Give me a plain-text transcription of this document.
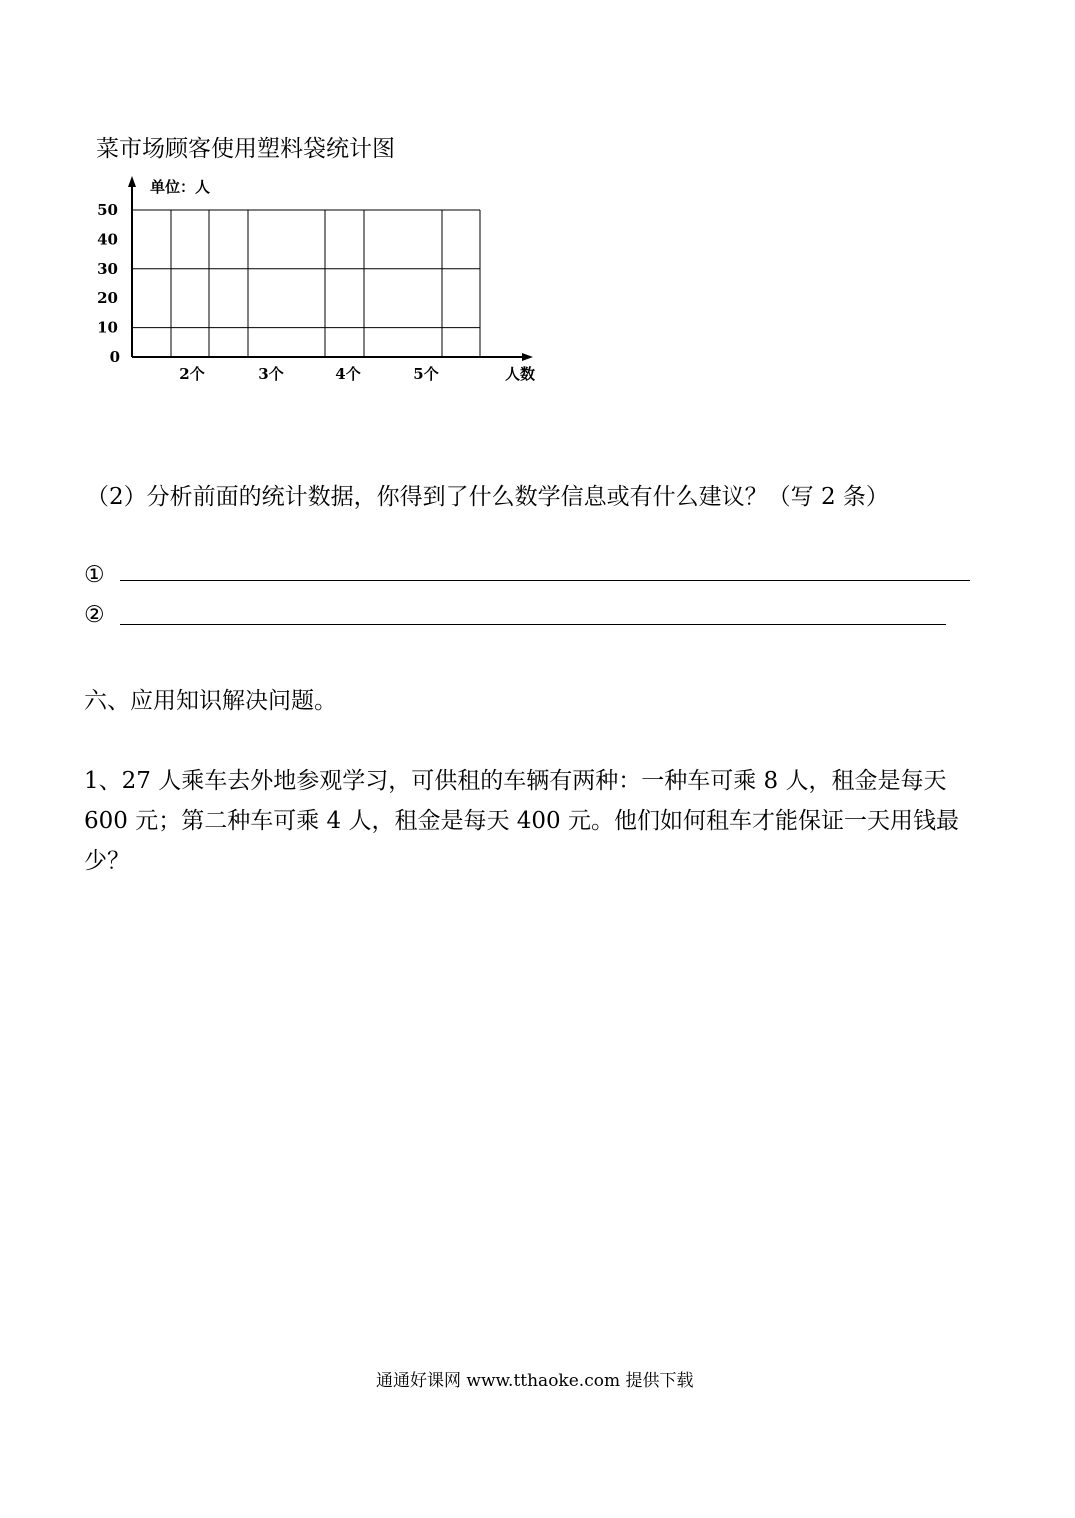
菜市场顾客使用塑料袋统计图
单位：人
人数
0
10
20
30
40
50
2个	3个	4个	5个
（2）分析前面的统计数据，你得到了什么数学信息或有什么建议？（写 2 条）
①
②
六、应用知识解决问题。
1、27 人乘车去外地参观学习，可供租的车辆有两种：一种车可乘 8 人，租金是每天
600 元；第二种车可乘 4 人，租金是每天 400 元。他们如何租车才能保证一天用钱最
少？
通通好课网 www.tthaoke.com 提供下载
